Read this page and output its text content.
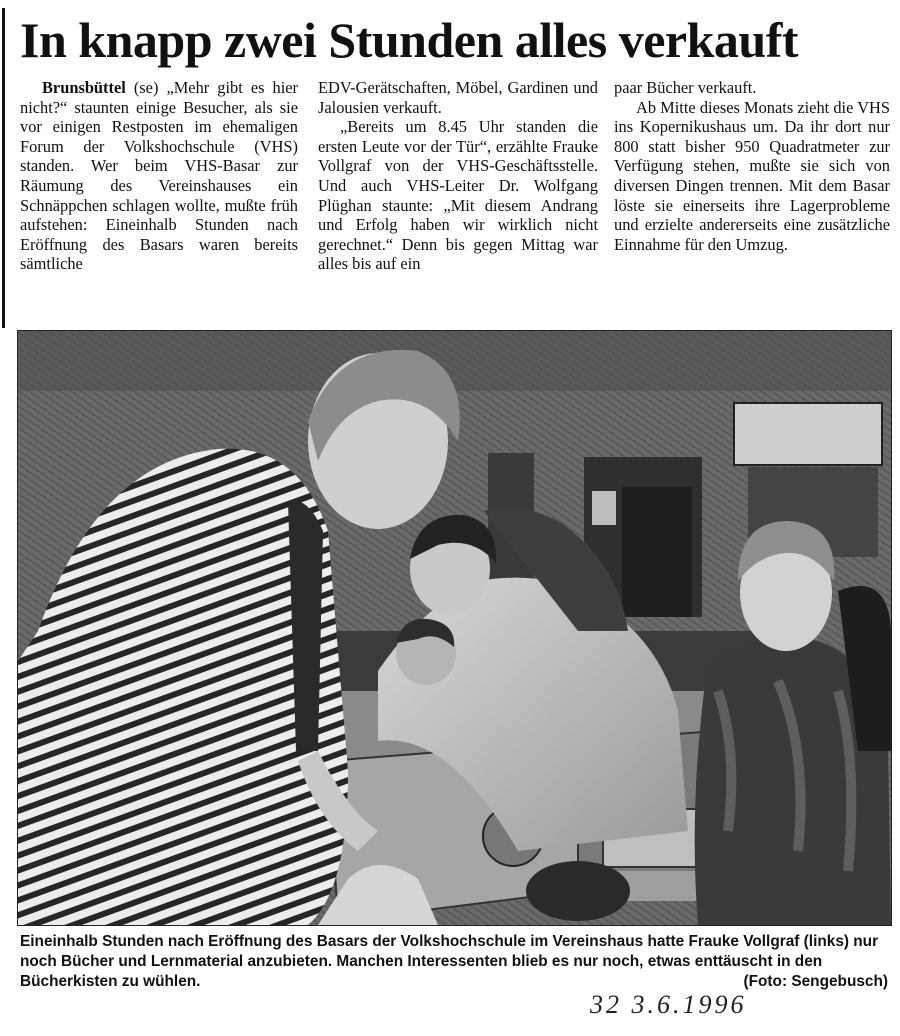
In knapp zwei Stunden alles verkauft

Brunsbüttel (se) „Mehr gibt es hier nicht?“ staunten einige Besucher, als sie vor einigen Restposten im ehemaligen Forum der Volkshochschule (VHS) standen. Wer beim VHS-Basar zur Räumung des Vereinshauses ein Schnäppchen schlagen wollte, mußte früh aufstehen: Eineinhalb Stunden nach Eröffnung des Basars waren bereits sämtliche

EDV-Gerätschaften, Möbel, Gardinen und Jalousien verkauft.

„Bereits um 8.45 Uhr standen die ersten Leute vor der Tür“, erzählte Frauke Vollgraf von der VHS-Geschäftsstelle. Und auch VHS-Leiter Dr. Wolfgang Plüghan staunte: „Mit diesem Andrang und Erfolg haben wir wirklich nicht gerechnet.“ Denn bis gegen Mittag war alles bis auf ein

paar Bücher verkauft.

Ab Mitte dieses Monats zieht die VHS ins Kopernikushaus um. Da ihr dort nur 800 statt bisher 950 Quadratmeter zur Verfügung stehen, mußte sie sich von diversen Dingen trennen. Mit dem Basar löste sie einerseits ihre Lagerprobleme und erzielte andererseits eine zusätzliche Einnahme für den Umzug.

Eineinhalb Stunden nach Eröffnung des Basars der Volkshochschule im Vereinshaus hatte Frauke Vollgraf (links) nur noch Bücher und Lernmaterial anzubieten. Manchen Interessenten blieb es nur noch, etwas enttäuscht in den Bücherkisten zu wühlen.	(Foto: Sengebusch)
32 3.6.1996
